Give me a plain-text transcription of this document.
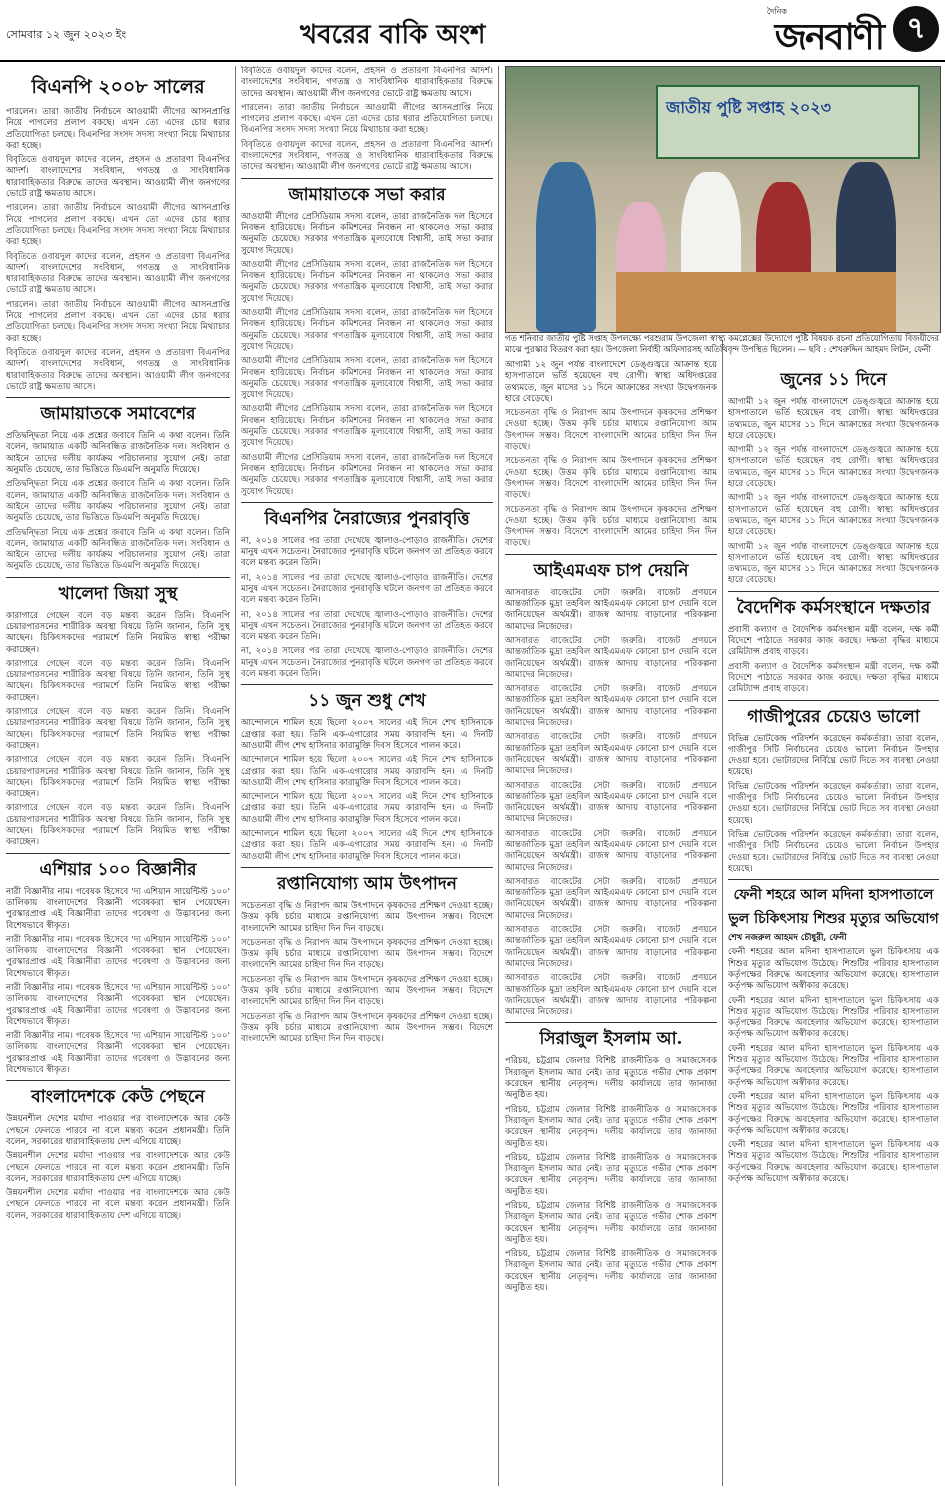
সোমবার ১২ জুন ২০২৩ ইং	খবরের বাকি অংশ
দৈনিক
জনবাণী ৭
বিএনপি ২০০৮ সালের

পারলেন। তারা জাতীয় নির্বাচনে আওয়ামী লীগের আসনপ্রাপ্তি নিয়ে পাগলের প্রলাপ বকছে। এখন তো এদের চোর ধরার প্রতিযোগিতা চলছে। বিএনপির সংসদ সদস্য সংখ্যা নিয়ে মিথ্যাচার করা হচ্ছে।

বিবৃতিতে ওবায়দুল কাদের বলেন, প্রহসন ও প্রতারণা বিএনপির আদর্শ। বাংলাদেশের সংবিধান, গণতন্ত্র ও সাংবিধানিক ধারাবাহিকতার বিরুদ্ধে তাদের অবস্থান। আওয়ামী লীগ জনগণের ভোটে রাষ্ট্র ক্ষমতায় আসে।

পারলেন। তারা জাতীয় নির্বাচনে আওয়ামী লীগের আসনপ্রাপ্তি নিয়ে পাগলের প্রলাপ বকছে। এখন তো এদের চোর ধরার প্রতিযোগিতা চলছে। বিএনপির সংসদ সদস্য সংখ্যা নিয়ে মিথ্যাচার করা হচ্ছে।

বিবৃতিতে ওবায়দুল কাদের বলেন, প্রহসন ও প্রতারণা বিএনপির আদর্শ। বাংলাদেশের সংবিধান, গণতন্ত্র ও সাংবিধানিক ধারাবাহিকতার বিরুদ্ধে তাদের অবস্থান। আওয়ামী লীগ জনগণের ভোটে রাষ্ট্র ক্ষমতায় আসে।

পারলেন। তারা জাতীয় নির্বাচনে আওয়ামী লীগের আসনপ্রাপ্তি নিয়ে পাগলের প্রলাপ বকছে। এখন তো এদের চোর ধরার প্রতিযোগিতা চলছে। বিএনপির সংসদ সদস্য সংখ্যা নিয়ে মিথ্যাচার করা হচ্ছে।

বিবৃতিতে ওবায়দুল কাদের বলেন, প্রহসন ও প্রতারণা বিএনপির আদর্শ। বাংলাদেশের সংবিধান, গণতন্ত্র ও সাংবিধানিক ধারাবাহিকতার বিরুদ্ধে তাদের অবস্থান। আওয়ামী লীগ জনগণের ভোটে রাষ্ট্র ক্ষমতায় আসে।

জামায়াতকে সমাবেশের

প্রতিদ্বন্দ্বিতা নিয়ে এক প্রশ্নের জবাবে তিনি এ কথা বলেন। তিনি বলেন, জামায়াত একটি অনিবন্ধিত রাজনৈতিক দল। সংবিধান ও আইনে তাদের দলীয় কার্যক্রম পরিচালনার সুযোগ নেই। তারা অনুমতি চেয়েছে, তার ভিত্তিতে ডিএমপি অনুমতি দিয়েছে।

প্রতিদ্বন্দ্বিতা নিয়ে এক প্রশ্নের জবাবে তিনি এ কথা বলেন। তিনি বলেন, জামায়াত একটি অনিবন্ধিত রাজনৈতিক দল। সংবিধান ও আইনে তাদের দলীয় কার্যক্রম পরিচালনার সুযোগ নেই। তারা অনুমতি চেয়েছে, তার ভিত্তিতে ডিএমপি অনুমতি দিয়েছে।

প্রতিদ্বন্দ্বিতা নিয়ে এক প্রশ্নের জবাবে তিনি এ কথা বলেন। তিনি বলেন, জামায়াত একটি অনিবন্ধিত রাজনৈতিক দল। সংবিধান ও আইনে তাদের দলীয় কার্যক্রম পরিচালনার সুযোগ নেই। তারা অনুমতি চেয়েছে, তার ভিত্তিতে ডিএমপি অনুমতি দিয়েছে।

খালেদা জিয়া সুস্থ

কারাগারে গেছেন বলে বড় মন্তব্য করেন তিনি। বিএনপি চেয়ারপারসনের শারীরিক অবস্থা বিষয়ে তিনি জানান, তিনি সুস্থ আছেন। চিকিৎসকদের পরামর্শে তিনি নিয়মিত স্বাস্থ্য পরীক্ষা করাচ্ছেন।

কারাগারে গেছেন বলে বড় মন্তব্য করেন তিনি। বিএনপি চেয়ারপারসনের শারীরিক অবস্থা বিষয়ে তিনি জানান, তিনি সুস্থ আছেন। চিকিৎসকদের পরামর্শে তিনি নিয়মিত স্বাস্থ্য পরীক্ষা করাচ্ছেন।

কারাগারে গেছেন বলে বড় মন্তব্য করেন তিনি। বিএনপি চেয়ারপারসনের শারীরিক অবস্থা বিষয়ে তিনি জানান, তিনি সুস্থ আছেন। চিকিৎসকদের পরামর্শে তিনি নিয়মিত স্বাস্থ্য পরীক্ষা করাচ্ছেন।

কারাগারে গেছেন বলে বড় মন্তব্য করেন তিনি। বিএনপি চেয়ারপারসনের শারীরিক অবস্থা বিষয়ে তিনি জানান, তিনি সুস্থ আছেন। চিকিৎসকদের পরামর্শে তিনি নিয়মিত স্বাস্থ্য পরীক্ষা করাচ্ছেন।

কারাগারে গেছেন বলে বড় মন্তব্য করেন তিনি। বিএনপি চেয়ারপারসনের শারীরিক অবস্থা বিষয়ে তিনি জানান, তিনি সুস্থ আছেন। চিকিৎসকদের পরামর্শে তিনি নিয়মিত স্বাস্থ্য পরীক্ষা করাচ্ছেন।

এশিয়ার ১০০ বিজ্ঞানীর

নারী বিজ্ঞানীর নাম। গবেষক হিসেবে 'দ্য এশিয়ান সায়েন্টিস্ট ১০০' তালিকায় বাংলাদেশের বিজ্ঞানী গবেষকরা স্থান পেয়েছেন। পুরস্কারপ্রাপ্ত এই বিজ্ঞানীরা তাদের গবেষণা ও উদ্ভাবনের জন্য বিশেষভাবে স্বীকৃত।

নারী বিজ্ঞানীর নাম। গবেষক হিসেবে 'দ্য এশিয়ান সায়েন্টিস্ট ১০০' তালিকায় বাংলাদেশের বিজ্ঞানী গবেষকরা স্থান পেয়েছেন। পুরস্কারপ্রাপ্ত এই বিজ্ঞানীরা তাদের গবেষণা ও উদ্ভাবনের জন্য বিশেষভাবে স্বীকৃত।

নারী বিজ্ঞানীর নাম। গবেষক হিসেবে 'দ্য এশিয়ান সায়েন্টিস্ট ১০০' তালিকায় বাংলাদেশের বিজ্ঞানী গবেষকরা স্থান পেয়েছেন। পুরস্কারপ্রাপ্ত এই বিজ্ঞানীরা তাদের গবেষণা ও উদ্ভাবনের জন্য বিশেষভাবে স্বীকৃত।

নারী বিজ্ঞানীর নাম। গবেষক হিসেবে 'দ্য এশিয়ান সায়েন্টিস্ট ১০০' তালিকায় বাংলাদেশের বিজ্ঞানী গবেষকরা স্থান পেয়েছেন। পুরস্কারপ্রাপ্ত এই বিজ্ঞানীরা তাদের গবেষণা ও উদ্ভাবনের জন্য বিশেষভাবে স্বীকৃত।

বাংলাদেশকে কেউ পেছনে

উন্নয়নশীল দেশের মর্যাদা পাওয়ার পর বাংলাদেশকে আর কেউ পেছনে ফেলতে পারবে না বলে মন্তব্য করেন প্রধানমন্ত্রী। তিনি বলেন, সরকারের ধারাবাহিকতায় দেশ এগিয়ে যাচ্ছে।

উন্নয়নশীল দেশের মর্যাদা পাওয়ার পর বাংলাদেশকে আর কেউ পেছনে ফেলতে পারবে না বলে মন্তব্য করেন প্রধানমন্ত্রী। তিনি বলেন, সরকারের ধারাবাহিকতায় দেশ এগিয়ে যাচ্ছে।

উন্নয়নশীল দেশের মর্যাদা পাওয়ার পর বাংলাদেশকে আর কেউ পেছনে ফেলতে পারবে না বলে মন্তব্য করেন প্রধানমন্ত্রী। তিনি বলেন, সরকারের ধারাবাহিকতায় দেশ এগিয়ে যাচ্ছে।

বিবৃতিতে ওবায়দুল কাদের বলেন, প্রহসন ও প্রতারণা বিএনপির আদর্শ। বাংলাদেশের সংবিধান, গণতন্ত্র ও সাংবিধানিক ধারাবাহিকতার বিরুদ্ধে তাদের অবস্থান। আওয়ামী লীগ জনগণের ভোটে রাষ্ট্র ক্ষমতায় আসে।

পারলেন। তারা জাতীয় নির্বাচনে আওয়ামী লীগের আসনপ্রাপ্তি নিয়ে পাগলের প্রলাপ বকছে। এখন তো এদের চোর ধরার প্রতিযোগিতা চলছে। বিএনপির সংসদ সদস্য সংখ্যা নিয়ে মিথ্যাচার করা হচ্ছে।

বিবৃতিতে ওবায়দুল কাদের বলেন, প্রহসন ও প্রতারণা বিএনপির আদর্শ। বাংলাদেশের সংবিধান, গণতন্ত্র ও সাংবিধানিক ধারাবাহিকতার বিরুদ্ধে তাদের অবস্থান। আওয়ামী লীগ জনগণের ভোটে রাষ্ট্র ক্ষমতায় আসে।

জামায়াতকে সভা করার

আওয়ামী লীগের প্রেসিডিয়াম সদস্য বলেন, তারা রাজনৈতিক দল হিসেবে নিবন্ধন হারিয়েছে। নির্বাচন কমিশনের নিবন্ধন না থাকলেও সভা করার অনুমতি চেয়েছে। সরকার গণতান্ত্রিক মূল্যবোধে বিশ্বাসী, তাই সভা করার সুযোগ দিয়েছে।

আওয়ামী লীগের প্রেসিডিয়াম সদস্য বলেন, তারা রাজনৈতিক দল হিসেবে নিবন্ধন হারিয়েছে। নির্বাচন কমিশনের নিবন্ধন না থাকলেও সভা করার অনুমতি চেয়েছে। সরকার গণতান্ত্রিক মূল্যবোধে বিশ্বাসী, তাই সভা করার সুযোগ দিয়েছে।

আওয়ামী লীগের প্রেসিডিয়াম সদস্য বলেন, তারা রাজনৈতিক দল হিসেবে নিবন্ধন হারিয়েছে। নির্বাচন কমিশনের নিবন্ধন না থাকলেও সভা করার অনুমতি চেয়েছে। সরকার গণতান্ত্রিক মূল্যবোধে বিশ্বাসী, তাই সভা করার সুযোগ দিয়েছে।

আওয়ামী লীগের প্রেসিডিয়াম সদস্য বলেন, তারা রাজনৈতিক দল হিসেবে নিবন্ধন হারিয়েছে। নির্বাচন কমিশনের নিবন্ধন না থাকলেও সভা করার অনুমতি চেয়েছে। সরকার গণতান্ত্রিক মূল্যবোধে বিশ্বাসী, তাই সভা করার সুযোগ দিয়েছে।

আওয়ামী লীগের প্রেসিডিয়াম সদস্য বলেন, তারা রাজনৈতিক দল হিসেবে নিবন্ধন হারিয়েছে। নির্বাচন কমিশনের নিবন্ধন না থাকলেও সভা করার অনুমতি চেয়েছে। সরকার গণতান্ত্রিক মূল্যবোধে বিশ্বাসী, তাই সভা করার সুযোগ দিয়েছে।

আওয়ামী লীগের প্রেসিডিয়াম সদস্য বলেন, তারা রাজনৈতিক দল হিসেবে নিবন্ধন হারিয়েছে। নির্বাচন কমিশনের নিবন্ধন না থাকলেও সভা করার অনুমতি চেয়েছে। সরকার গণতান্ত্রিক মূল্যবোধে বিশ্বাসী, তাই সভা করার সুযোগ দিয়েছে।

বিএনপির নৈরাজ্যের পুনরাবৃত্তি

না, ২০১৪ সালের পর তারা দেখেছে জ্বালাও-পোড়াও রাজনীতি। দেশের মানুষ এখন সচেতন। নৈরাজ্যের পুনরাবৃত্তি ঘটলে জনগণ তা প্রতিহত করবে বলে মন্তব্য করেন তিনি।

না, ২০১৪ সালের পর তারা দেখেছে জ্বালাও-পোড়াও রাজনীতি। দেশের মানুষ এখন সচেতন। নৈরাজ্যের পুনরাবৃত্তি ঘটলে জনগণ তা প্রতিহত করবে বলে মন্তব্য করেন তিনি।

না, ২০১৪ সালের পর তারা দেখেছে জ্বালাও-পোড়াও রাজনীতি। দেশের মানুষ এখন সচেতন। নৈরাজ্যের পুনরাবৃত্তি ঘটলে জনগণ তা প্রতিহত করবে বলে মন্তব্য করেন তিনি।

না, ২০১৪ সালের পর তারা দেখেছে জ্বালাও-পোড়াও রাজনীতি। দেশের মানুষ এখন সচেতন। নৈরাজ্যের পুনরাবৃত্তি ঘটলে জনগণ তা প্রতিহত করবে বলে মন্তব্য করেন তিনি।

১১ জুন শুধু শেখ

আন্দোলনে শামিল হয়ে ছিলো ২০০৭ সালের এই দিনে শেখ হাসিনাকে গ্রেপ্তার করা হয়। তিনি এক-এগারোর সময় কারাবন্দি হন। এ দিনটি আওয়ামী লীগ শেখ হাসিনার কারামুক্তি দিবস হিসেবে পালন করে।

আন্দোলনে শামিল হয়ে ছিলো ২০০৭ সালের এই দিনে শেখ হাসিনাকে গ্রেপ্তার করা হয়। তিনি এক-এগারোর সময় কারাবন্দি হন। এ দিনটি আওয়ামী লীগ শেখ হাসিনার কারামুক্তি দিবস হিসেবে পালন করে।

আন্দোলনে শামিল হয়ে ছিলো ২০০৭ সালের এই দিনে শেখ হাসিনাকে গ্রেপ্তার করা হয়। তিনি এক-এগারোর সময় কারাবন্দি হন। এ দিনটি আওয়ামী লীগ শেখ হাসিনার কারামুক্তি দিবস হিসেবে পালন করে।

আন্দোলনে শামিল হয়ে ছিলো ২০০৭ সালের এই দিনে শেখ হাসিনাকে গ্রেপ্তার করা হয়। তিনি এক-এগারোর সময় কারাবন্দি হন। এ দিনটি আওয়ামী লীগ শেখ হাসিনার কারামুক্তি দিবস হিসেবে পালন করে।

রপ্তানিযোগ্য আম উৎপাদন

সচেতনতা বৃদ্ধি ও নিরাপদ আম উৎপাদনে কৃষকদের প্রশিক্ষণ দেওয়া হচ্ছে। উত্তম কৃষি চর্চার মাধ্যমে রপ্তানিযোগ্য আম উৎপাদন সম্ভব। বিদেশে বাংলাদেশি আমের চাহিদা দিন দিন বাড়ছে।

সচেতনতা বৃদ্ধি ও নিরাপদ আম উৎপাদনে কৃষকদের প্রশিক্ষণ দেওয়া হচ্ছে। উত্তম কৃষি চর্চার মাধ্যমে রপ্তানিযোগ্য আম উৎপাদন সম্ভব। বিদেশে বাংলাদেশি আমের চাহিদা দিন দিন বাড়ছে।

সচেতনতা বৃদ্ধি ও নিরাপদ আম উৎপাদনে কৃষকদের প্রশিক্ষণ দেওয়া হচ্ছে। উত্তম কৃষি চর্চার মাধ্যমে রপ্তানিযোগ্য আম উৎপাদন সম্ভব। বিদেশে বাংলাদেশি আমের চাহিদা দিন দিন বাড়ছে।

সচেতনতা বৃদ্ধি ও নিরাপদ আম উৎপাদনে কৃষকদের প্রশিক্ষণ দেওয়া হচ্ছে। উত্তম কৃষি চর্চার মাধ্যমে রপ্তানিযোগ্য আম উৎপাদন সম্ভব। বিদেশে বাংলাদেশি আমের চাহিদা দিন দিন বাড়ছে।

জাতীয় পুষ্টি সপ্তাহ ২০২৩
গত শনিবার জাতীয় পুষ্টি সপ্তাহ উপলক্ষ্যে পরশুরাম উপজেলা স্বাস্থ্য কমপ্লেক্সের উদ্যোগে পুষ্টি বিষয়ক রচনা প্রতিযোগিতায় বিজয়ীদের মাঝে পুরস্কার বিতরণ করা হয়। উপজেলা নির্বাহী অফিসারসহ অতিথিবৃন্দ উপস্থিত ছিলেন। — ছবি : শেখরুদ্দিন আহমদ লিটন, ফেনী

আগামী ১২ জুন পর্যন্ত বাংলাদেশে ডেঙ্গুজ্বরে আক্রান্ত হয়ে হাসপাতালে ভর্তি হয়েছেন বহু রোগী। স্বাস্থ্য অধিদপ্তরের তথ্যমতে, জুন মাসের ১১ দিনে আক্রান্তের সংখ্যা উদ্বেগজনক হারে বেড়েছে।

সচেতনতা বৃদ্ধি ও নিরাপদ আম উৎপাদনে কৃষকদের প্রশিক্ষণ দেওয়া হচ্ছে। উত্তম কৃষি চর্চার মাধ্যমে রপ্তানিযোগ্য আম উৎপাদন সম্ভব। বিদেশে বাংলাদেশি আমের চাহিদা দিন দিন বাড়ছে।

সচেতনতা বৃদ্ধি ও নিরাপদ আম উৎপাদনে কৃষকদের প্রশিক্ষণ দেওয়া হচ্ছে। উত্তম কৃষি চর্চার মাধ্যমে রপ্তানিযোগ্য আম উৎপাদন সম্ভব। বিদেশে বাংলাদেশি আমের চাহিদা দিন দিন বাড়ছে।

সচেতনতা বৃদ্ধি ও নিরাপদ আম উৎপাদনে কৃষকদের প্রশিক্ষণ দেওয়া হচ্ছে। উত্তম কৃষি চর্চার মাধ্যমে রপ্তানিযোগ্য আম উৎপাদন সম্ভব। বিদেশে বাংলাদেশি আমের চাহিদা দিন দিন বাড়ছে।

আইএমএফ চাপ দেয়নি

আসবারত বাজেটের সেটা জরুরি। বাজেট প্রণয়নে আন্তর্জাতিক মুদ্রা তহবিল আইএমএফ কোনো চাপ দেয়নি বলে জানিয়েছেন অর্থমন্ত্রী। রাজস্ব আদায় বাড়ানোর পরিকল্পনা আমাদের নিজেদের।

আসবারত বাজেটের সেটা জরুরি। বাজেট প্রণয়নে আন্তর্জাতিক মুদ্রা তহবিল আইএমএফ কোনো চাপ দেয়নি বলে জানিয়েছেন অর্থমন্ত্রী। রাজস্ব আদায় বাড়ানোর পরিকল্পনা আমাদের নিজেদের।

আসবারত বাজেটের সেটা জরুরি। বাজেট প্রণয়নে আন্তর্জাতিক মুদ্রা তহবিল আইএমএফ কোনো চাপ দেয়নি বলে জানিয়েছেন অর্থমন্ত্রী। রাজস্ব আদায় বাড়ানোর পরিকল্পনা আমাদের নিজেদের।

আসবারত বাজেটের সেটা জরুরি। বাজেট প্রণয়নে আন্তর্জাতিক মুদ্রা তহবিল আইএমএফ কোনো চাপ দেয়নি বলে জানিয়েছেন অর্থমন্ত্রী। রাজস্ব আদায় বাড়ানোর পরিকল্পনা আমাদের নিজেদের।

আসবারত বাজেটের সেটা জরুরি। বাজেট প্রণয়নে আন্তর্জাতিক মুদ্রা তহবিল আইএমএফ কোনো চাপ দেয়নি বলে জানিয়েছেন অর্থমন্ত্রী। রাজস্ব আদায় বাড়ানোর পরিকল্পনা আমাদের নিজেদের।

আসবারত বাজেটের সেটা জরুরি। বাজেট প্রণয়নে আন্তর্জাতিক মুদ্রা তহবিল আইএমএফ কোনো চাপ দেয়নি বলে জানিয়েছেন অর্থমন্ত্রী। রাজস্ব আদায় বাড়ানোর পরিকল্পনা আমাদের নিজেদের।

আসবারত বাজেটের সেটা জরুরি। বাজেট প্রণয়নে আন্তর্জাতিক মুদ্রা তহবিল আইএমএফ কোনো চাপ দেয়নি বলে জানিয়েছেন অর্থমন্ত্রী। রাজস্ব আদায় বাড়ানোর পরিকল্পনা আমাদের নিজেদের।

আসবারত বাজেটের সেটা জরুরি। বাজেট প্রণয়নে আন্তর্জাতিক মুদ্রা তহবিল আইএমএফ কোনো চাপ দেয়নি বলে জানিয়েছেন অর্থমন্ত্রী। রাজস্ব আদায় বাড়ানোর পরিকল্পনা আমাদের নিজেদের।

আসবারত বাজেটের সেটা জরুরি। বাজেট প্রণয়নে আন্তর্জাতিক মুদ্রা তহবিল আইএমএফ কোনো চাপ দেয়নি বলে জানিয়েছেন অর্থমন্ত্রী। রাজস্ব আদায় বাড়ানোর পরিকল্পনা আমাদের নিজেদের।

সিরাজুল ইসলাম আ.

পরিচয়, চট্টগ্রাম জেলার বিশিষ্ট রাজনীতিক ও সমাজসেবক সিরাজুল ইসলাম আর নেই। তার মৃত্যুতে গভীর শোক প্রকাশ করেছেন স্থানীয় নেতৃবৃন্দ। দলীয় কার্যালয়ে তার জানাজা অনুষ্ঠিত হয়।

পরিচয়, চট্টগ্রাম জেলার বিশিষ্ট রাজনীতিক ও সমাজসেবক সিরাজুল ইসলাম আর নেই। তার মৃত্যুতে গভীর শোক প্রকাশ করেছেন স্থানীয় নেতৃবৃন্দ। দলীয় কার্যালয়ে তার জানাজা অনুষ্ঠিত হয়।

পরিচয়, চট্টগ্রাম জেলার বিশিষ্ট রাজনীতিক ও সমাজসেবক সিরাজুল ইসলাম আর নেই। তার মৃত্যুতে গভীর শোক প্রকাশ করেছেন স্থানীয় নেতৃবৃন্দ। দলীয় কার্যালয়ে তার জানাজা অনুষ্ঠিত হয়।

পরিচয়, চট্টগ্রাম জেলার বিশিষ্ট রাজনীতিক ও সমাজসেবক সিরাজুল ইসলাম আর নেই। তার মৃত্যুতে গভীর শোক প্রকাশ করেছেন স্থানীয় নেতৃবৃন্দ। দলীয় কার্যালয়ে তার জানাজা অনুষ্ঠিত হয়।

পরিচয়, চট্টগ্রাম জেলার বিশিষ্ট রাজনীতিক ও সমাজসেবক সিরাজুল ইসলাম আর নেই। তার মৃত্যুতে গভীর শোক প্রকাশ করেছেন স্থানীয় নেতৃবৃন্দ। দলীয় কার্যালয়ে তার জানাজা অনুষ্ঠিত হয়।

জুনের ১১ দিনে

আগামী ১২ জুন পর্যন্ত বাংলাদেশে ডেঙ্গুজ্বরে আক্রান্ত হয়ে হাসপাতালে ভর্তি হয়েছেন বহু রোগী। স্বাস্থ্য অধিদপ্তরের তথ্যমতে, জুন মাসের ১১ দিনে আক্রান্তের সংখ্যা উদ্বেগজনক হারে বেড়েছে।

আগামী ১২ জুন পর্যন্ত বাংলাদেশে ডেঙ্গুজ্বরে আক্রান্ত হয়ে হাসপাতালে ভর্তি হয়েছেন বহু রোগী। স্বাস্থ্য অধিদপ্তরের তথ্যমতে, জুন মাসের ১১ দিনে আক্রান্তের সংখ্যা উদ্বেগজনক হারে বেড়েছে।

আগামী ১২ জুন পর্যন্ত বাংলাদেশে ডেঙ্গুজ্বরে আক্রান্ত হয়ে হাসপাতালে ভর্তি হয়েছেন বহু রোগী। স্বাস্থ্য অধিদপ্তরের তথ্যমতে, জুন মাসের ১১ দিনে আক্রান্তের সংখ্যা উদ্বেগজনক হারে বেড়েছে।

আগামী ১২ জুন পর্যন্ত বাংলাদেশে ডেঙ্গুজ্বরে আক্রান্ত হয়ে হাসপাতালে ভর্তি হয়েছেন বহু রোগী। স্বাস্থ্য অধিদপ্তরের তথ্যমতে, জুন মাসের ১১ দিনে আক্রান্তের সংখ্যা উদ্বেগজনক হারে বেড়েছে।

বৈদেশিক কর্মসংস্থানে দক্ষতার

প্রবাসী কল্যাণ ও বৈদেশিক কর্মসংস্থান মন্ত্রী বলেন, দক্ষ কর্মী বিদেশে পাঠাতে সরকার কাজ করছে। দক্ষতা বৃদ্ধির মাধ্যমে রেমিট্যান্স প্রবাহ বাড়বে।

প্রবাসী কল্যাণ ও বৈদেশিক কর্মসংস্থান মন্ত্রী বলেন, দক্ষ কর্মী বিদেশে পাঠাতে সরকার কাজ করছে। দক্ষতা বৃদ্ধির মাধ্যমে রেমিট্যান্স প্রবাহ বাড়বে।

গাজীপুরের চেয়েও ভালো

বিভিন্ন ভোটকেন্দ্র পরিদর্শন করেছেন কর্মকর্তারা। তারা বলেন, গাজীপুর সিটি নির্বাচনের চেয়েও ভালো নির্বাচন উপহার দেওয়া হবে। ভোটারদের নির্বিঘ্নে ভোট দিতে সব ব্যবস্থা নেওয়া হয়েছে।

বিভিন্ন ভোটকেন্দ্র পরিদর্শন করেছেন কর্মকর্তারা। তারা বলেন, গাজীপুর সিটি নির্বাচনের চেয়েও ভালো নির্বাচন উপহার দেওয়া হবে। ভোটারদের নির্বিঘ্নে ভোট দিতে সব ব্যবস্থা নেওয়া হয়েছে।

বিভিন্ন ভোটকেন্দ্র পরিদর্শন করেছেন কর্মকর্তারা। তারা বলেন, গাজীপুর সিটি নির্বাচনের চেয়েও ভালো নির্বাচন উপহার দেওয়া হবে। ভোটারদের নির্বিঘ্নে ভোট দিতে সব ব্যবস্থা নেওয়া হয়েছে।

ফেনী শহরে আল মদিনা হাসপাতালে ভুল চিকিৎসায় শিশুর মৃত্যুর অভিযোগ

শেখ নজরুল আহমদ চৌধুরী, ফেনী

ফেনী শহরের আল মদিনা হাসপাতালে ভুল চিকিৎসায় এক শিশুর মৃত্যুর অভিযোগ উঠেছে। শিশুটির পরিবার হাসপাতাল কর্তৃপক্ষের বিরুদ্ধে অবহেলার অভিযোগ করেছে। হাসপাতাল কর্তৃপক্ষ অভিযোগ অস্বীকার করেছে।

ফেনী শহরের আল মদিনা হাসপাতালে ভুল চিকিৎসায় এক শিশুর মৃত্যুর অভিযোগ উঠেছে। শিশুটির পরিবার হাসপাতাল কর্তৃপক্ষের বিরুদ্ধে অবহেলার অভিযোগ করেছে। হাসপাতাল কর্তৃপক্ষ অভিযোগ অস্বীকার করেছে।

ফেনী শহরের আল মদিনা হাসপাতালে ভুল চিকিৎসায় এক শিশুর মৃত্যুর অভিযোগ উঠেছে। শিশুটির পরিবার হাসপাতাল কর্তৃপক্ষের বিরুদ্ধে অবহেলার অভিযোগ করেছে। হাসপাতাল কর্তৃপক্ষ অভিযোগ অস্বীকার করেছে।

ফেনী শহরের আল মদিনা হাসপাতালে ভুল চিকিৎসায় এক শিশুর মৃত্যুর অভিযোগ উঠেছে। শিশুটির পরিবার হাসপাতাল কর্তৃপক্ষের বিরুদ্ধে অবহেলার অভিযোগ করেছে। হাসপাতাল কর্তৃপক্ষ অভিযোগ অস্বীকার করেছে।

ফেনী শহরের আল মদিনা হাসপাতালে ভুল চিকিৎসায় এক শিশুর মৃত্যুর অভিযোগ উঠেছে। শিশুটির পরিবার হাসপাতাল কর্তৃপক্ষের বিরুদ্ধে অবহেলার অভিযোগ করেছে। হাসপাতাল কর্তৃপক্ষ অভিযোগ অস্বীকার করেছে।
